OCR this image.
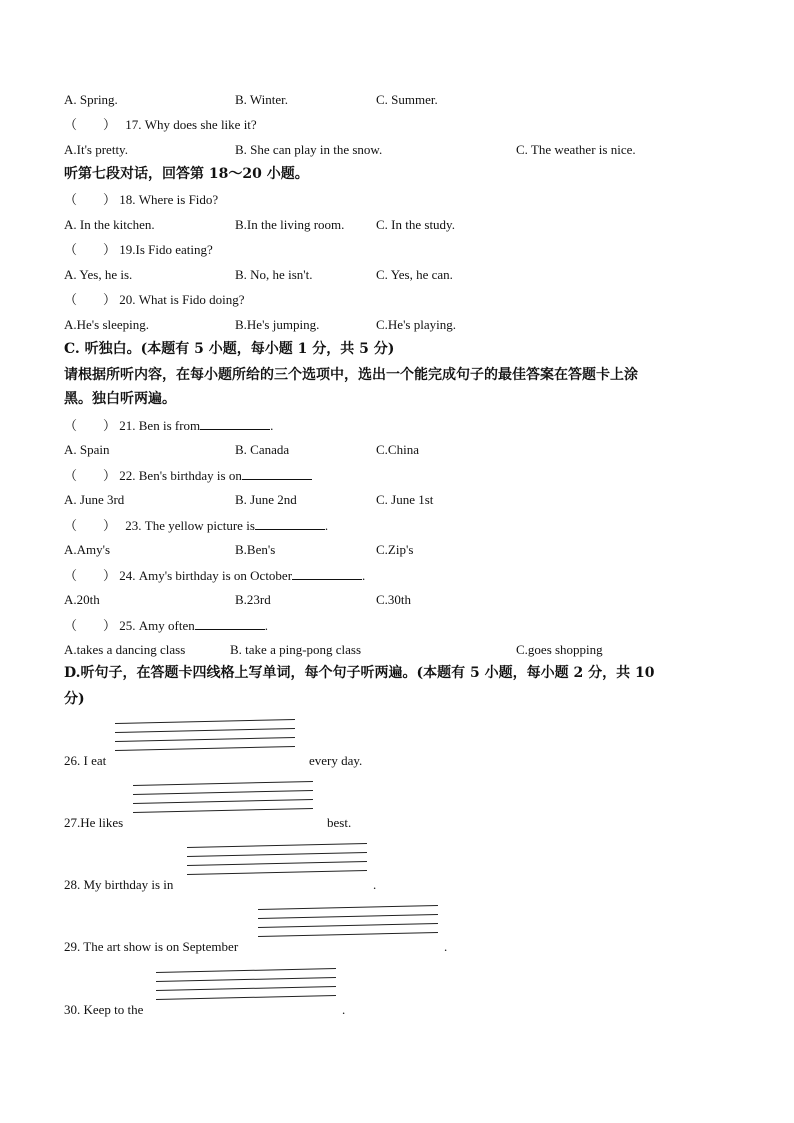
A. Spring.	B. Winter.	C. Summer.
（　　） 17. Why does she like it?
A.It's pretty.	B. She can play in the snow.	C. The weather is nice.
听第七段对话，回答第 18～20 小题。
（　　） 18. Where is Fido?
A. In the kitchen.	B.In the living room. C. In the study.
（　　） 19.Is Fido eating?
A. Yes, he is.	B. No, he isn't.	C. Yes, he can.
（　　） 20. What is Fido doing?
A.He's sleeping.	B.He's jumping.	C.He's playing.
C. 听独白。(本题有 5 小题，每小题 1 分，共 5 分)
请根据所听内容，在每小题所给的三个选项中，选出一个能完成句子的最佳答案在答题卡上涂
黑。独白听两遍。
（　　） 21. Ben is from	.
A. Spain	B. Canada	C.China
（　　） 22. Ben's birthday is on
A. June 3rd	B. June 2nd	C. June 1st
（　　） 23. The yellow picture is	.
A.Amy's	B.Ben's	C.Zip's
（　　） 24. Amy's birthday is on October	.
A.20th	B.23rd	C.30th
（　　） 25. Amy often	.
A.takes a dancing class	B. take a ping-pong class	C.goes shopping
D.听句子，在答题卡四线格上写单词，每个句子听两遍。(本题有 5 小题，每小题 2 分，共 10
分)
26. I eat	every day.
27.He likes	best.
28. My birthday is in	.
29. The art show is on September	.
30. Keep to the	.
